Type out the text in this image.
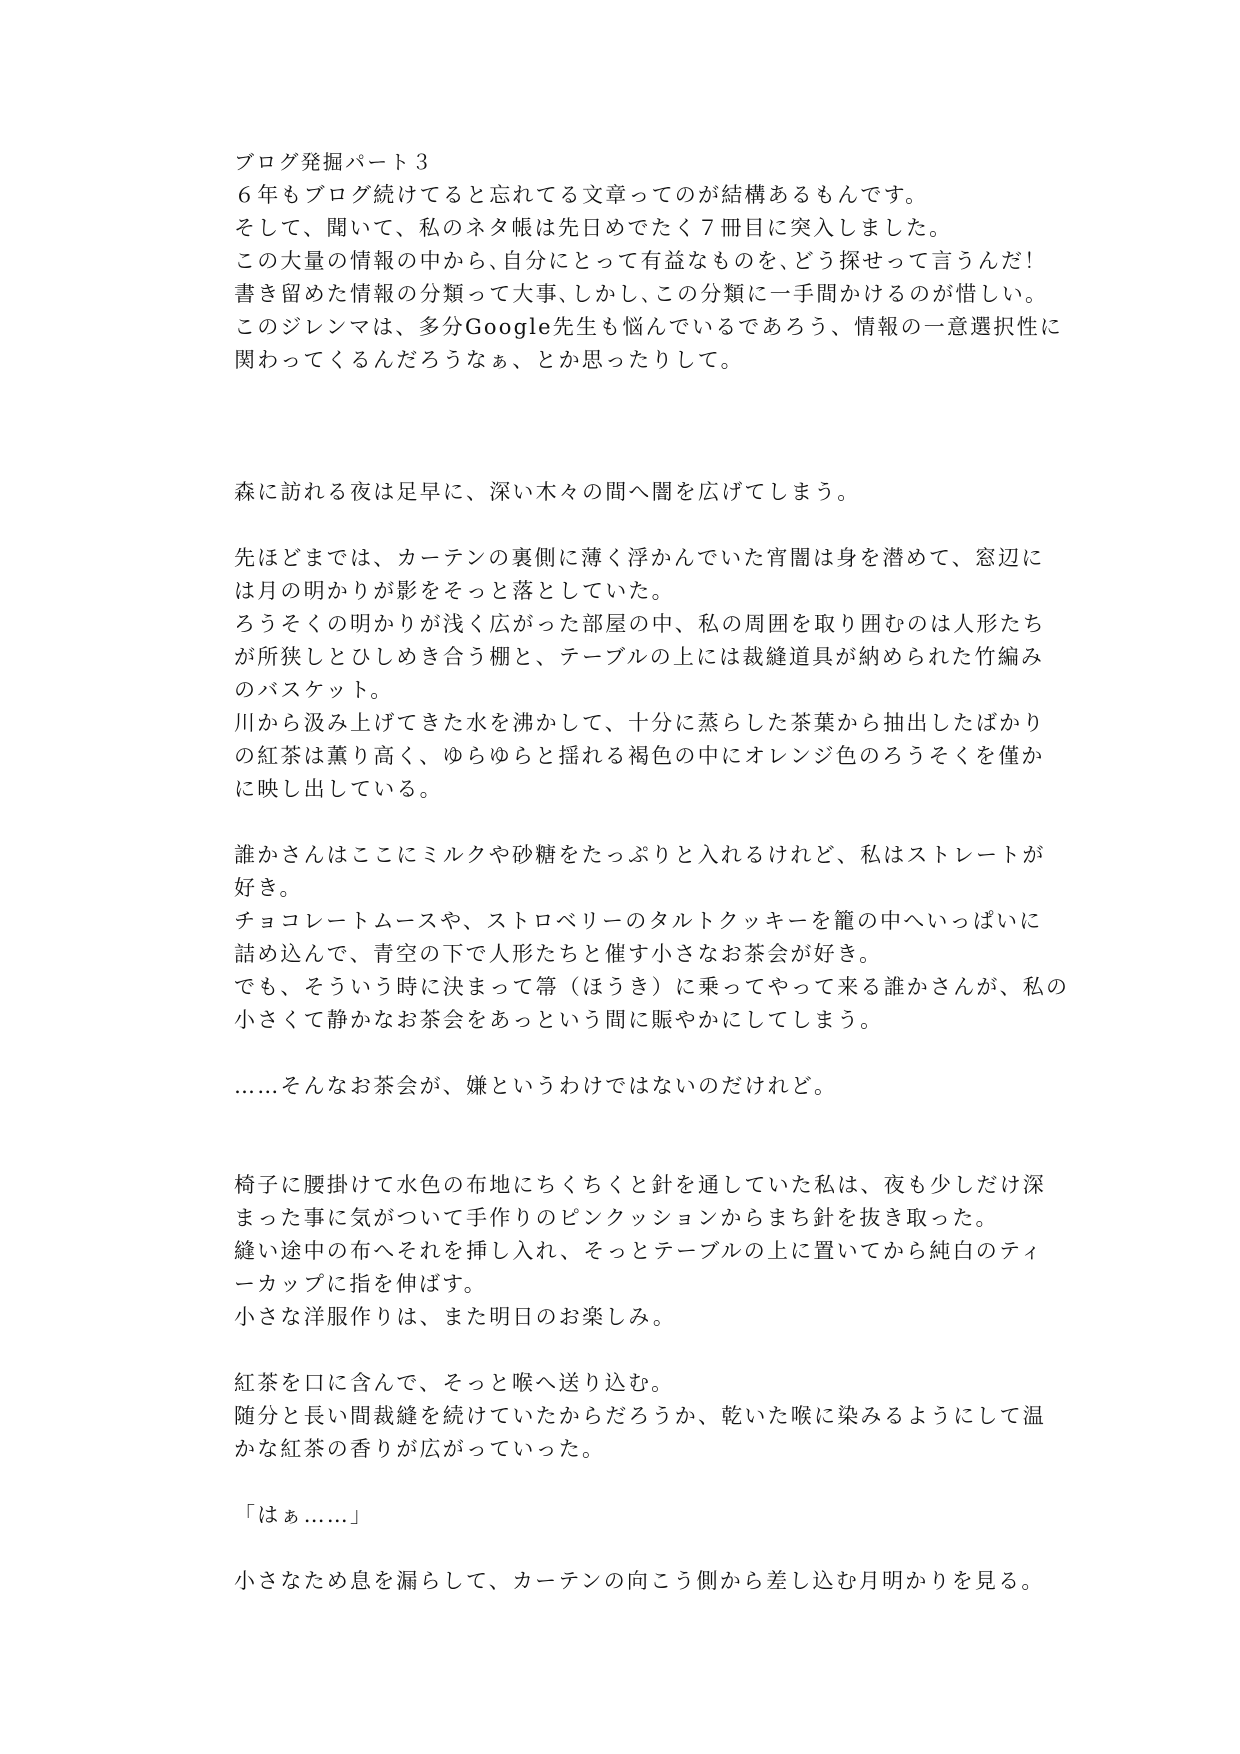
ブログ発掘パート３
６年もブログ続けてると忘れてる文章ってのが結構あるもんです。
そして、聞いて、私のネタ帳は先日めでたく７冊目に突入しました。
この大量の情報の中から､自分にとって有益なものを､どう探せって言うんだ！
書き留めた情報の分類って大事､しかし､この分類に一手間かけるのが惜しい。
このジレンマは、多分Google先生も悩んでいるであろう、情報の一意選択性に
関わってくるんだろうなぁ、とか思ったりして。
森に訪れる夜は足早に、深い木々の間へ闇を広げてしまう。
先ほどまでは、カーテンの裏側に薄く浮かんでいた宵闇は身を潜めて、窓辺に
は月の明かりが影をそっと落としていた。
ろうそくの明かりが浅く広がった部屋の中、私の周囲を取り囲むのは人形たち
が所狭しとひしめき合う棚と、テーブルの上には裁縫道具が納められた竹編み
のバスケット。
川から汲み上げてきた水を沸かして、十分に蒸らした茶葉から抽出したばかり
の紅茶は薫り高く、ゆらゆらと揺れる褐色の中にオレンジ色のろうそくを僅か
に映し出している。
誰かさんはここにミルクや砂糖をたっぷりと入れるけれど、私はストレートが
好き。
チョコレートムースや、ストロベリーのタルトクッキーを籠の中へいっぱいに
詰め込んで、青空の下で人形たちと催す小さなお茶会が好き。
でも、そういう時に決まって箒（ほうき）に乗ってやって来る誰かさんが、私の
小さくて静かなお茶会をあっという間に賑やかにしてしまう。
……そんなお茶会が、嫌というわけではないのだけれど。
椅子に腰掛けて水色の布地にちくちくと針を通していた私は、夜も少しだけ深
まった事に気がついて手作りのピンクッションからまち針を抜き取った。
縫い途中の布へそれを挿し入れ、そっとテーブルの上に置いてから純白のティ
ーカップに指を伸ばす。
小さな洋服作りは、また明日のお楽しみ。
紅茶を口に含んで、そっと喉へ送り込む。
随分と長い間裁縫を続けていたからだろうか、乾いた喉に染みるようにして温
かな紅茶の香りが広がっていった。
「はぁ……」
小さなため息を漏らして、カーテンの向こう側から差し込む月明かりを見る。
